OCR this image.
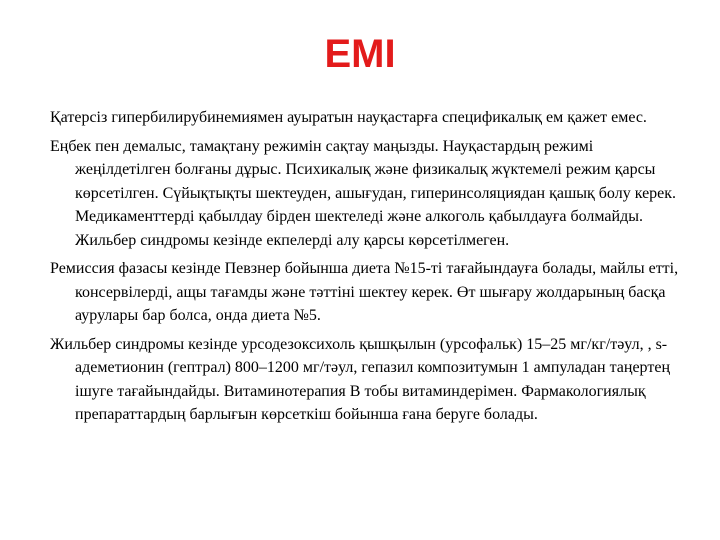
ЕМІ

Қатерсіз гипербилирубинемиямен ауыратын науқастарға спецификалық ем қажет емес.

Еңбек пен демалыс, тамақтану режимін сақтау маңызды. Науқастардың режимі жеңілдетілген болғаны дұрыс. Психикалық және физикалық жүктемелі режим қарсы көрсетілген. Сүйықтықты шектеуден, ашығудан, гиперинсоляциядан қашық болу керек. Медикаменттерді қабылдау бірден шектеледі және алкоголь қабылдауға болмайды. Жильбер синдромы кезінде екпелерді алу қарсы көрсетілмеген.

Ремиссия фазасы кезінде Певзнер бойынша диета №15-ті тағайындауға болады, майлы етті, консервілерді, ащы тағамды және тәттіні шектеу керек. Өт шығару жолдарының басқа аурулары бар болса, онда диета №5.

Жильбер синдромы кезінде урсодезоксихоль қышқылын (урсофальк) 15–25 мг/кг/тәул, , s-адеметионин (гептрал) 800–1200 мг/тәул, гепазил композитумын 1 ампуладан таңертең ішуге тағайындайды. Витаминотерапия В тобы витаминдерімен. Фармакологиялық препараттардың барлығын көрсеткіш бойынша ғана беруге болады.
